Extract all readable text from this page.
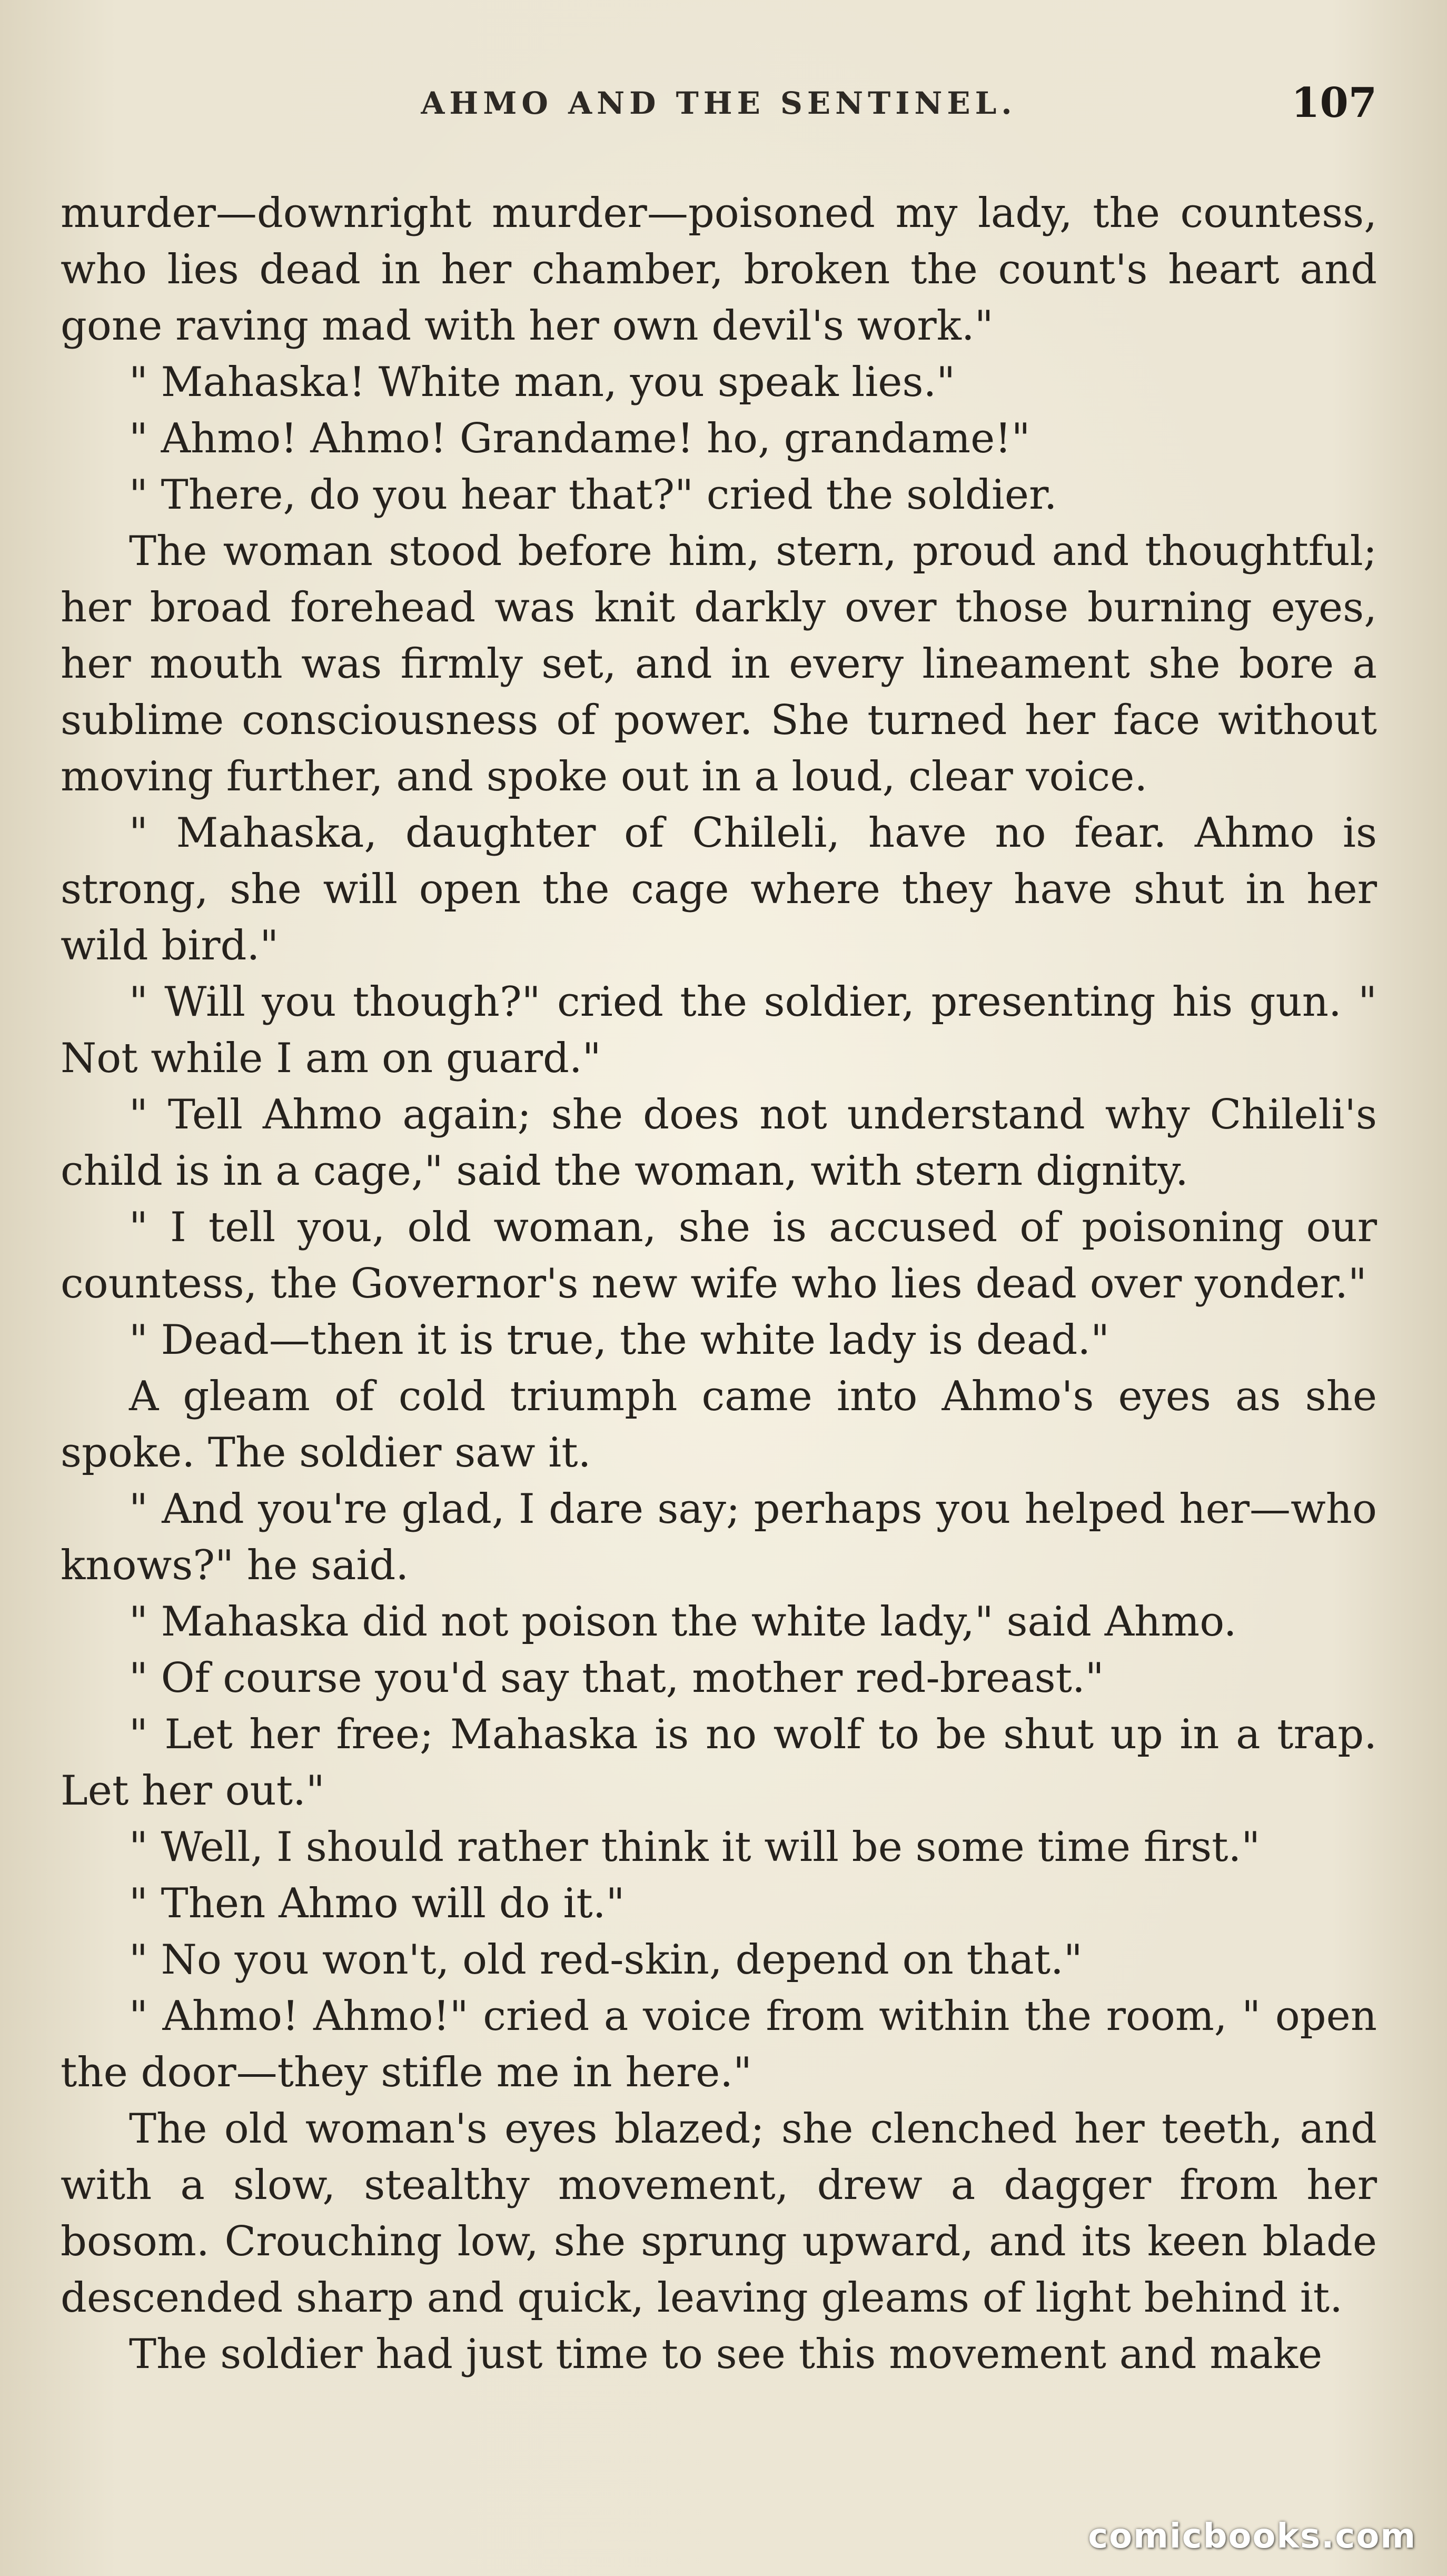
AHMO AND THE SENTINEL.	107

murder—downright murder—poisoned my lady, the countess, who lies dead in her chamber, broken the count's heart and gone raving mad with her own devil's work."

" Mahaska! White man, you speak lies."

" Ahmo! Ahmo! Grandame! ho, grandame!"

" There, do you hear that?" cried the soldier.

The woman stood before him, stern, proud and thoughtful; her broad forehead was knit darkly over those burning eyes, her mouth was firmly set, and in every lineament she bore a sublime consciousness of power. She turned her face without moving further, and spoke out in a loud, clear voice.

" Mahaska, daughter of Chileli, have no fear. Ahmo is strong, she will open the cage where they have shut in her wild bird."

" Will you though?" cried the soldier, presenting his gun. " Not while I am on guard."

" Tell Ahmo again; she does not understand why Chileli's child is in a cage," said the woman, with stern dignity.

" I tell you, old woman, she is accused of poisoning our countess, the Governor's new wife who lies dead over yonder."

" Dead—then it is true, the white lady is dead."

A gleam of cold triumph came into Ahmo's eyes as she spoke. The soldier saw it.

" And you're glad, I dare say; perhaps you helped her—who knows?" he said.

" Mahaska did not poison the white lady," said Ahmo.

" Of course you'd say that, mother red-breast."

" Let her free; Mahaska is no wolf to be shut up in a trap. Let her out."

" Well, I should rather think it will be some time first."

" Then Ahmo will do it."

" No you won't, old red-skin, depend on that."

" Ahmo! Ahmo!" cried a voice from within the room, " open the door—they stifle me in here."

The old woman's eyes blazed; she clenched her teeth, and with a slow, stealthy movement, drew a dagger from her bosom. Crouching low, she sprung upward, and its keen blade descended sharp and quick, leaving gleams of light behind it.

The soldier had just time to see this movement and make

comicbooks.com
